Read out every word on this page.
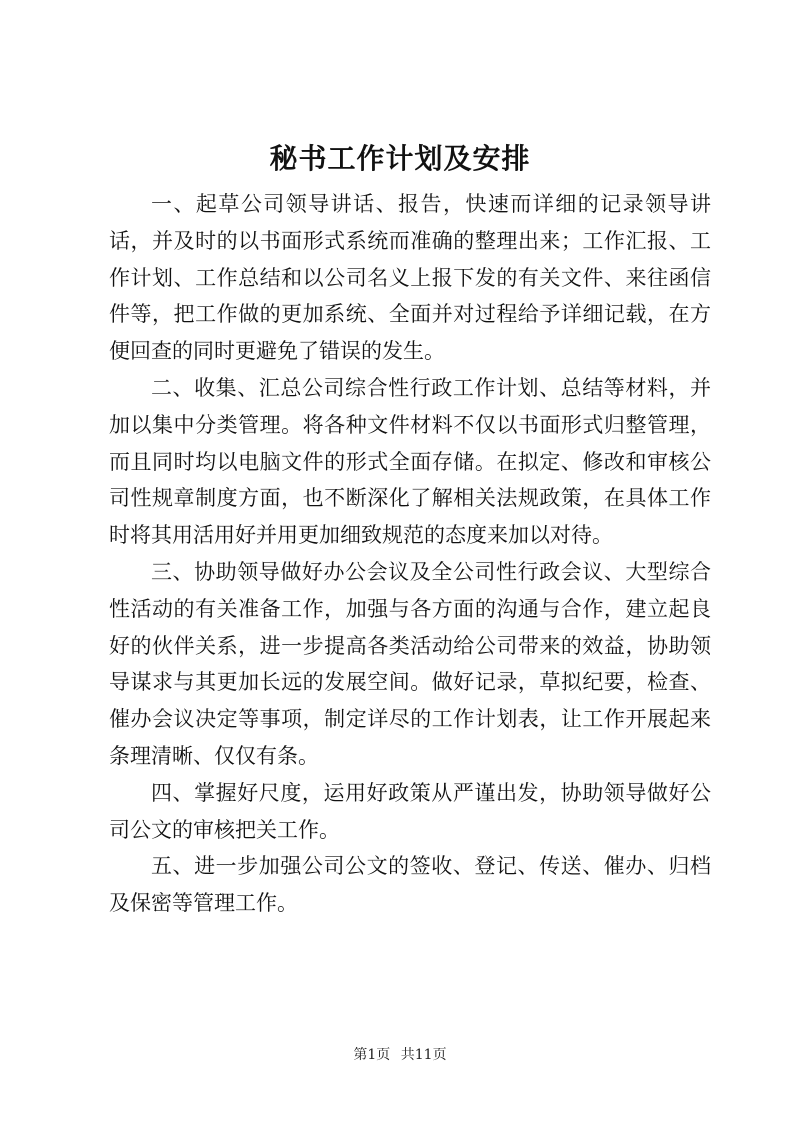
秘书工作计划及安排

一、起草公司领导讲话、报告，快速而详细的记录领导讲话，并及时的以书面形式系统而准确的整理出来；工作汇报、工作计划、工作总结和以公司名义上报下发的有关文件、来往函信件等，把工作做的更加系统、全面并对过程给予详细记载，在方便回查的同时更避免了错误的发生。

二、收集、汇总公司综合性行政工作计划、总结等材料，并加以集中分类管理。将各种文件材料不仅以书面形式归整管理，而且同时均以电脑文件的形式全面存储。在拟定、修改和审核公司性规章制度方面，也不断深化了解相关法规政策，在具体工作时将其用活用好并用更加细致规范的态度来加以对待。

三、协助领导做好办公会议及全公司性行政会议、大型综合性活动的有关准备工作，加强与各方面的沟通与合作，建立起良好的伙伴关系，进一步提高各类活动给公司带来的效益，协助领导谋求与其更加长远的发展空间。做好记录，草拟纪要，检查、催办会议决定等事项，制定详尽的工作计划表，让工作开展起来条理清晰、仅仅有条。

四、掌握好尺度，运用好政策从严谨出发，协助领导做好公司公文的审核把关工作。

五、进一步加强公司公文的签收、登记、传送、催办、归档及保密等管理工作。

第1页 共11页
